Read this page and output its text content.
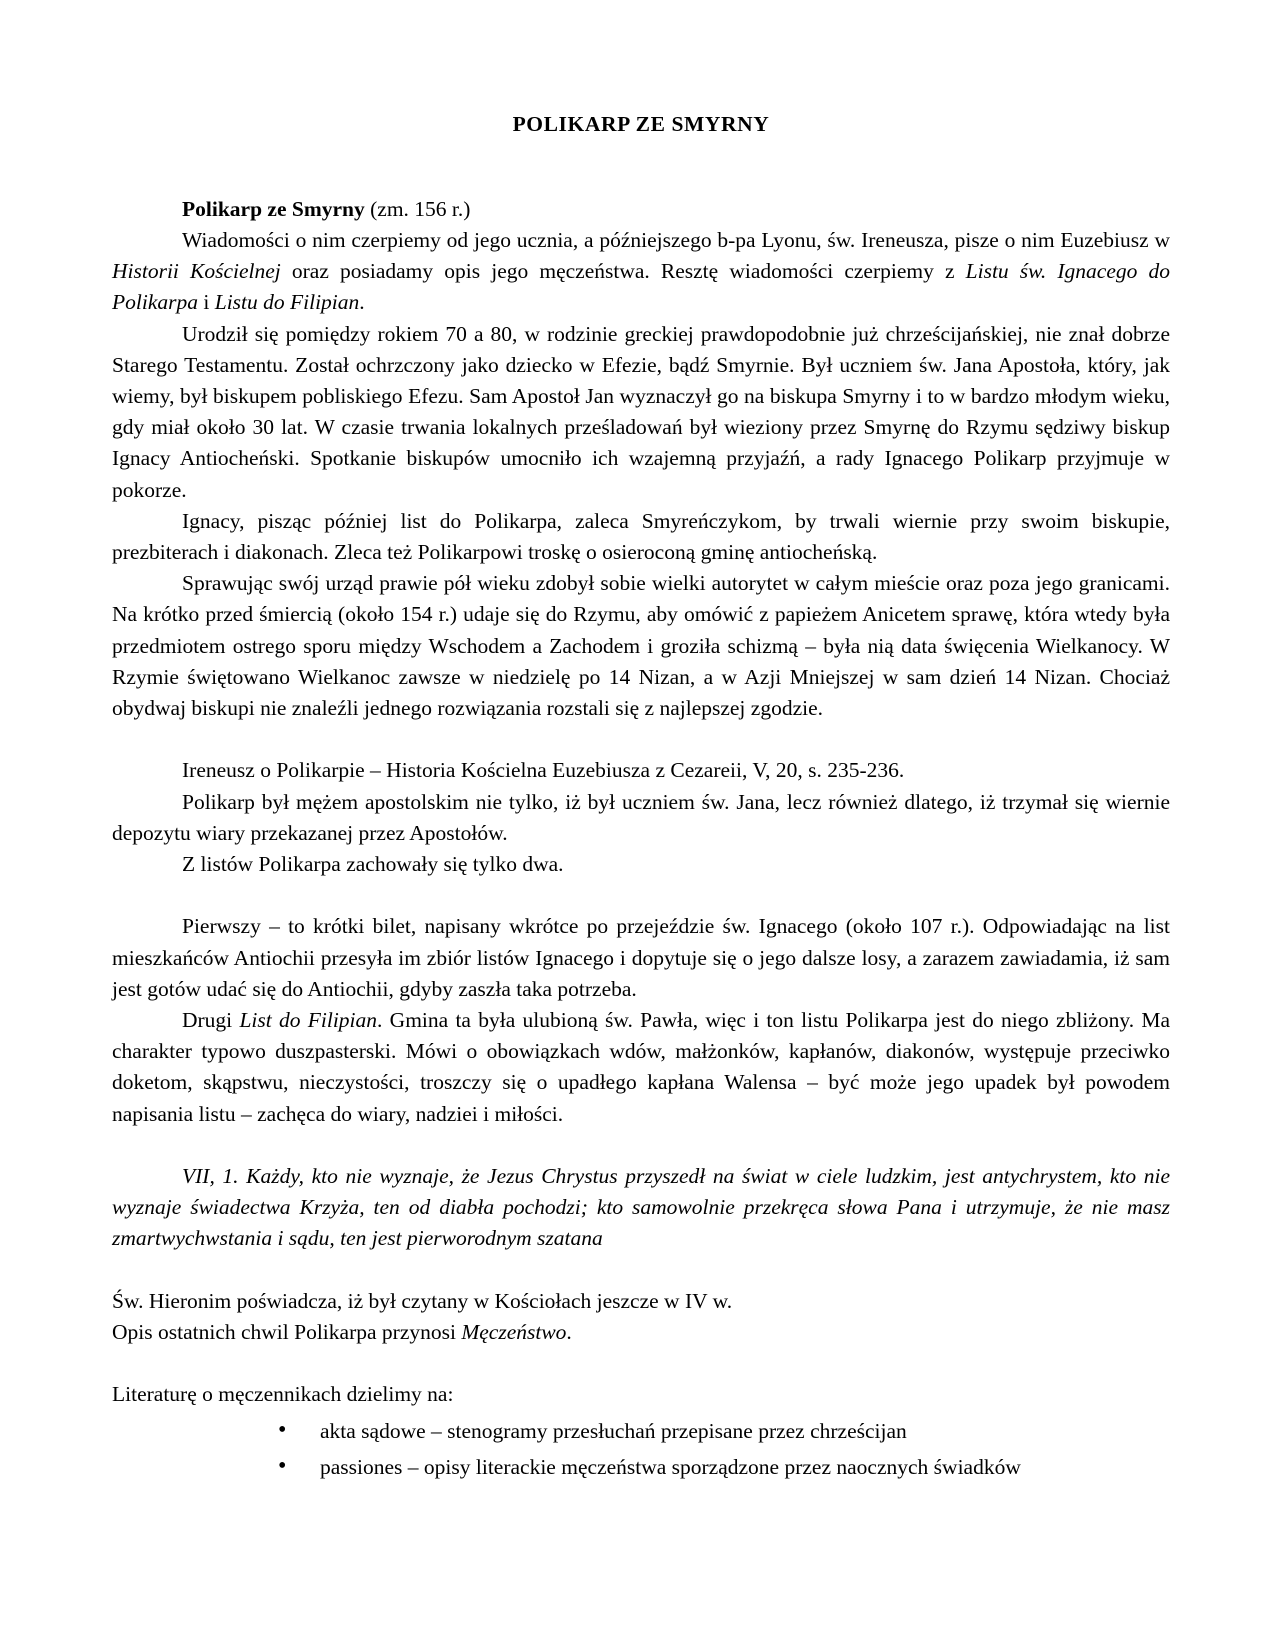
POLIKARP ZE SMYRNY

Polikarp ze Smyrny (zm. 156 r.)

Wiadomości o nim czerpiemy od jego ucznia, a późniejszego b-pa Lyonu, św. Ireneusza, pisze o nim Euzebiusz w Historii Kościelnej oraz posiadamy opis jego męczeństwa. Resztę wiadomości czerpiemy z Listu św. Ignacego do Polikarpa i Listu do Filipian.

Urodził się pomiędzy rokiem 70 a 80, w rodzinie greckiej prawdopodobnie już chrześcijańskiej, nie znał dobrze Starego Testamentu. Został ochrzczony jako dziecko w Efezie, bądź Smyrnie. Był uczniem św. Jana Apostoła, który, jak wiemy, był biskupem pobliskiego Efezu. Sam Apostoł Jan wyznaczył go na biskupa Smyrny i to w bardzo młodym wieku, gdy miał około 30 lat. W czasie trwania lokalnych prześladowań był wieziony przez Smyrnę do Rzymu sędziwy biskup Ignacy Antiocheński. Spotkanie biskupów umocniło ich wzajemną przyjaźń, a rady Ignacego Polikarp przyjmuje w pokorze.

Ignacy, pisząc później list do Polikarpa, zaleca Smyreńczykom, by trwali wiernie przy swoim biskupie, prezbiterach i diakonach. Zleca też Polikarpowi troskę o osieroconą gminę antiocheńską.

Sprawując swój urząd prawie pół wieku zdobył sobie wielki autorytet w całym mieście oraz poza jego granicami. Na krótko przed śmiercią (około 154 r.) udaje się do Rzymu, aby omówić z papieżem Anicetem sprawę, która wtedy była przedmiotem ostrego sporu między Wschodem a Zachodem i groziła schizmą – była nią data święcenia Wielkanocy. W Rzymie świętowano Wielkanoc zawsze w niedzielę po 14 Nizan, a w Azji Mniejszej w sam dzień 14 Nizan. Chociaż obydwaj biskupi nie znaleźli jednego rozwiązania rozstali się z najlepszej zgodzie.

Ireneusz o Polikarpie – Historia Kościelna Euzebiusza z Cezareii, V, 20, s. 235-236.

Polikarp był mężem apostolskim nie tylko, iż był uczniem św. Jana, lecz również dlatego, iż trzymał się wiernie depozytu wiary przekazanej przez Apostołów.

Z listów Polikarpa zachowały się tylko dwa.

Pierwszy – to krótki bilet, napisany wkrótce po przejeździe św. Ignacego (około 107 r.). Odpowiadając na list mieszkańców Antiochii przesyła im zbiór listów Ignacego i dopytuje się o jego dalsze losy, a zarazem zawiadamia, iż sam jest gotów udać się do Antiochii, gdyby zaszła taka potrzeba.

Drugi List do Filipian. Gmina ta była ulubioną św. Pawła, więc i ton listu Polikarpa jest do niego zbliżony. Ma charakter typowo duszpasterski. Mówi o obowiązkach wdów, małżonków, kapłanów, diakonów, występuje przeciwko doketom, skąpstwu, nieczystości, troszczy się o upadłego kapłana Walensa – być może jego upadek był powodem napisania listu – zachęca do wiary, nadziei i miłości.

VII, 1. Każdy, kto nie wyznaje, że Jezus Chrystus przyszedł na świat w ciele ludzkim, jest antychrystem, kto nie wyznaje świadectwa Krzyża, ten od diabła pochodzi; kto samowolnie przekręca słowa Pana i utrzymuje, że nie masz zmartwychwstania i sądu, ten jest pierworodnym szatana

Św. Hieronim poświadcza, iż był czytany w Kościołach jeszcze w IV w.

Opis ostatnich chwil Polikarpa przynosi Męczeństwo.

Literaturę o męczennikach dzielimy na:

• akta sądowe – stenogramy przesłuchań przepisane przez chrześcijan
• passiones – opisy literackie męczeństwa sporządzone przez naocznych świadków
